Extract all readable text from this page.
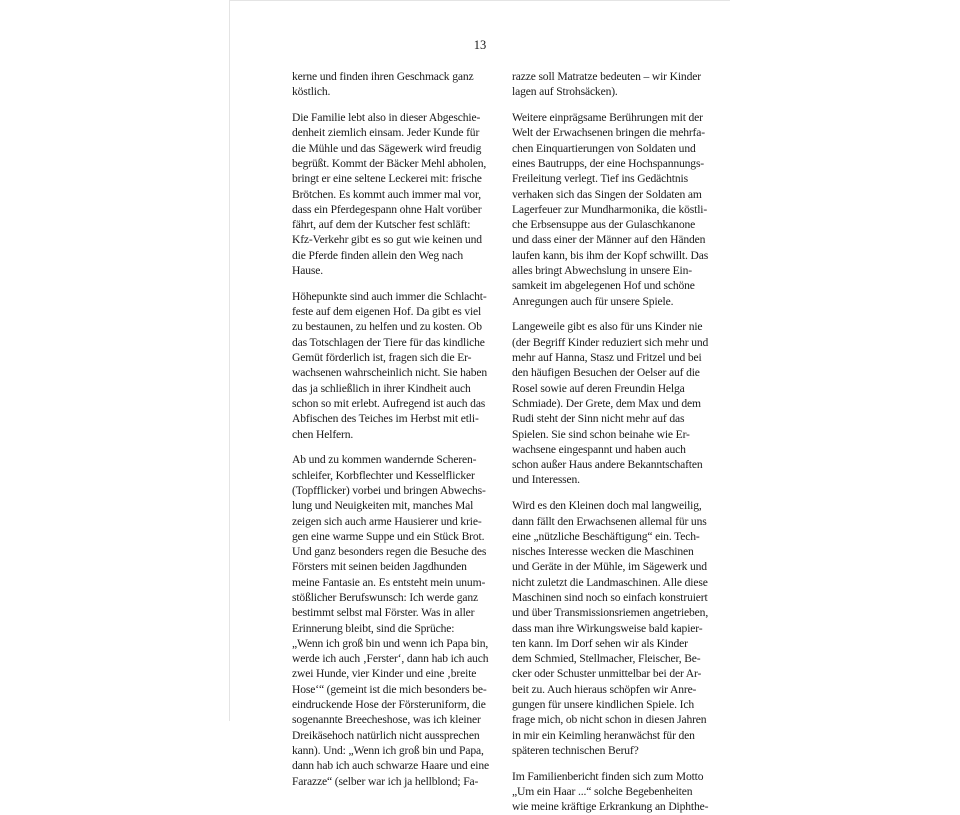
13

kerne und finden ihren Geschmack ganz
köstlich.

Die Familie lebt also in dieser Abgeschie-
denheit ziemlich einsam. Jeder Kunde für
die Mühle und das Sägewerk wird freudig
begrüßt. Kommt der Bäcker Mehl abholen,
bringt er eine seltene Leckerei mit: frische
Brötchen. Es kommt auch immer mal vor,
dass ein Pferdegespann ohne Halt vorüber
fährt, auf dem der Kutscher fest schläft:
Kfz-Verkehr gibt es so gut wie keinen und
die Pferde finden allein den Weg nach
Hause.

Höhepunkte sind auch immer die Schlacht-
feste auf dem eigenen Hof. Da gibt es viel
zu bestaunen, zu helfen und zu kosten. Ob
das Totschlagen der Tiere für das kindliche
Gemüt förderlich ist, fragen sich die Er-
wachsenen wahrscheinlich nicht. Sie haben
das ja schließlich in ihrer Kindheit auch
schon so mit erlebt. Aufregend ist auch das
Abfischen des Teiches im Herbst mit etli-
chen Helfern.

Ab und zu kommen wandernde Scheren-
schleifer, Korbflechter und Kesselflicker
(Topfflicker) vorbei und bringen Abwechs-
lung und Neuigkeiten mit, manches Mal
zeigen sich auch arme Hausierer und krie-
gen eine warme Suppe und ein Stück Brot.
Und ganz besonders regen die Besuche des
Försters mit seinen beiden Jagdhunden
meine Fantasie an. Es entsteht mein unum-
stößlicher Berufswunsch: Ich werde ganz
bestimmt selbst mal Förster. Was in aller
Erinnerung bleibt, sind die Sprüche:
„Wenn ich groß bin und wenn ich Papa bin,
werde ich auch ‚Ferster‘, dann hab ich auch
zwei Hunde, vier Kinder und eine ‚breite
Hose‘“ (gemeint ist die mich besonders be-
eindruckende Hose der Försteruniform, die
sogenannte Breecheshose, was ich kleiner
Dreikäsehoch natürlich nicht aussprechen
kann). Und: „Wenn ich groß bin und Papa,
dann hab ich auch schwarze Haare und eine
Farazze“ (selber war ich ja hellblond; Fa-

razze soll Matratze bedeuten – wir Kinder
lagen auf Strohsäcken).

Weitere einprägsame Berührungen mit der
Welt der Erwachsenen bringen die mehrfa-
chen Einquartierungen von Soldaten und
eines Bautrupps, der eine Hochspannungs-
Freileitung verlegt. Tief ins Gedächtnis
verhaken sich das Singen der Soldaten am
Lagerfeuer zur Mundharmonika, die köstli-
che Erbsensuppe aus der Gulaschkanone
und dass einer der Männer auf den Händen
laufen kann, bis ihm der Kopf schwillt. Das
alles bringt Abwechslung in unsere Ein-
samkeit im abgelegenen Hof und schöne
Anregungen auch für unsere Spiele.

Langeweile gibt es also für uns Kinder nie
(der Begriff Kinder reduziert sich mehr und
mehr auf Hanna, Stasz und Fritzel und bei
den häufigen Besuchen der Oelser auf die
Rosel sowie auf deren Freundin Helga
Schmiade). Der Grete, dem Max und dem
Rudi steht der Sinn nicht mehr auf das
Spielen. Sie sind schon beinahe wie Er-
wachsene eingespannt und haben auch
schon außer Haus andere Bekanntschaften
und Interessen.

Wird es den Kleinen doch mal langweilig,
dann fällt den Erwachsenen allemal für uns
eine „nützliche Beschäftigung“ ein. Tech-
nisches Interesse wecken die Maschinen
und Geräte in der Mühle, im Sägewerk und
nicht zuletzt die Landmaschinen. Alle diese
Maschinen sind noch so einfach konstruiert
und über Transmissionsriemen angetrieben,
dass man ihre Wirkungsweise bald kapier-
ten kann. Im Dorf sehen wir als Kinder
dem Schmied, Stellmacher, Fleischer, Be-
cker oder Schuster unmittelbar bei der Ar-
beit zu. Auch hieraus schöpfen wir Anre-
gungen für unsere kindlichen Spiele. Ich
frage mich, ob nicht schon in diesen Jahren
in mir ein Keimling heranwächst für den
späteren technischen Beruf?

Im Familienbericht finden sich zum Motto
„Um ein Haar ...“ solche Begebenheiten
wie meine kräftige Erkrankung an Diphthe-
